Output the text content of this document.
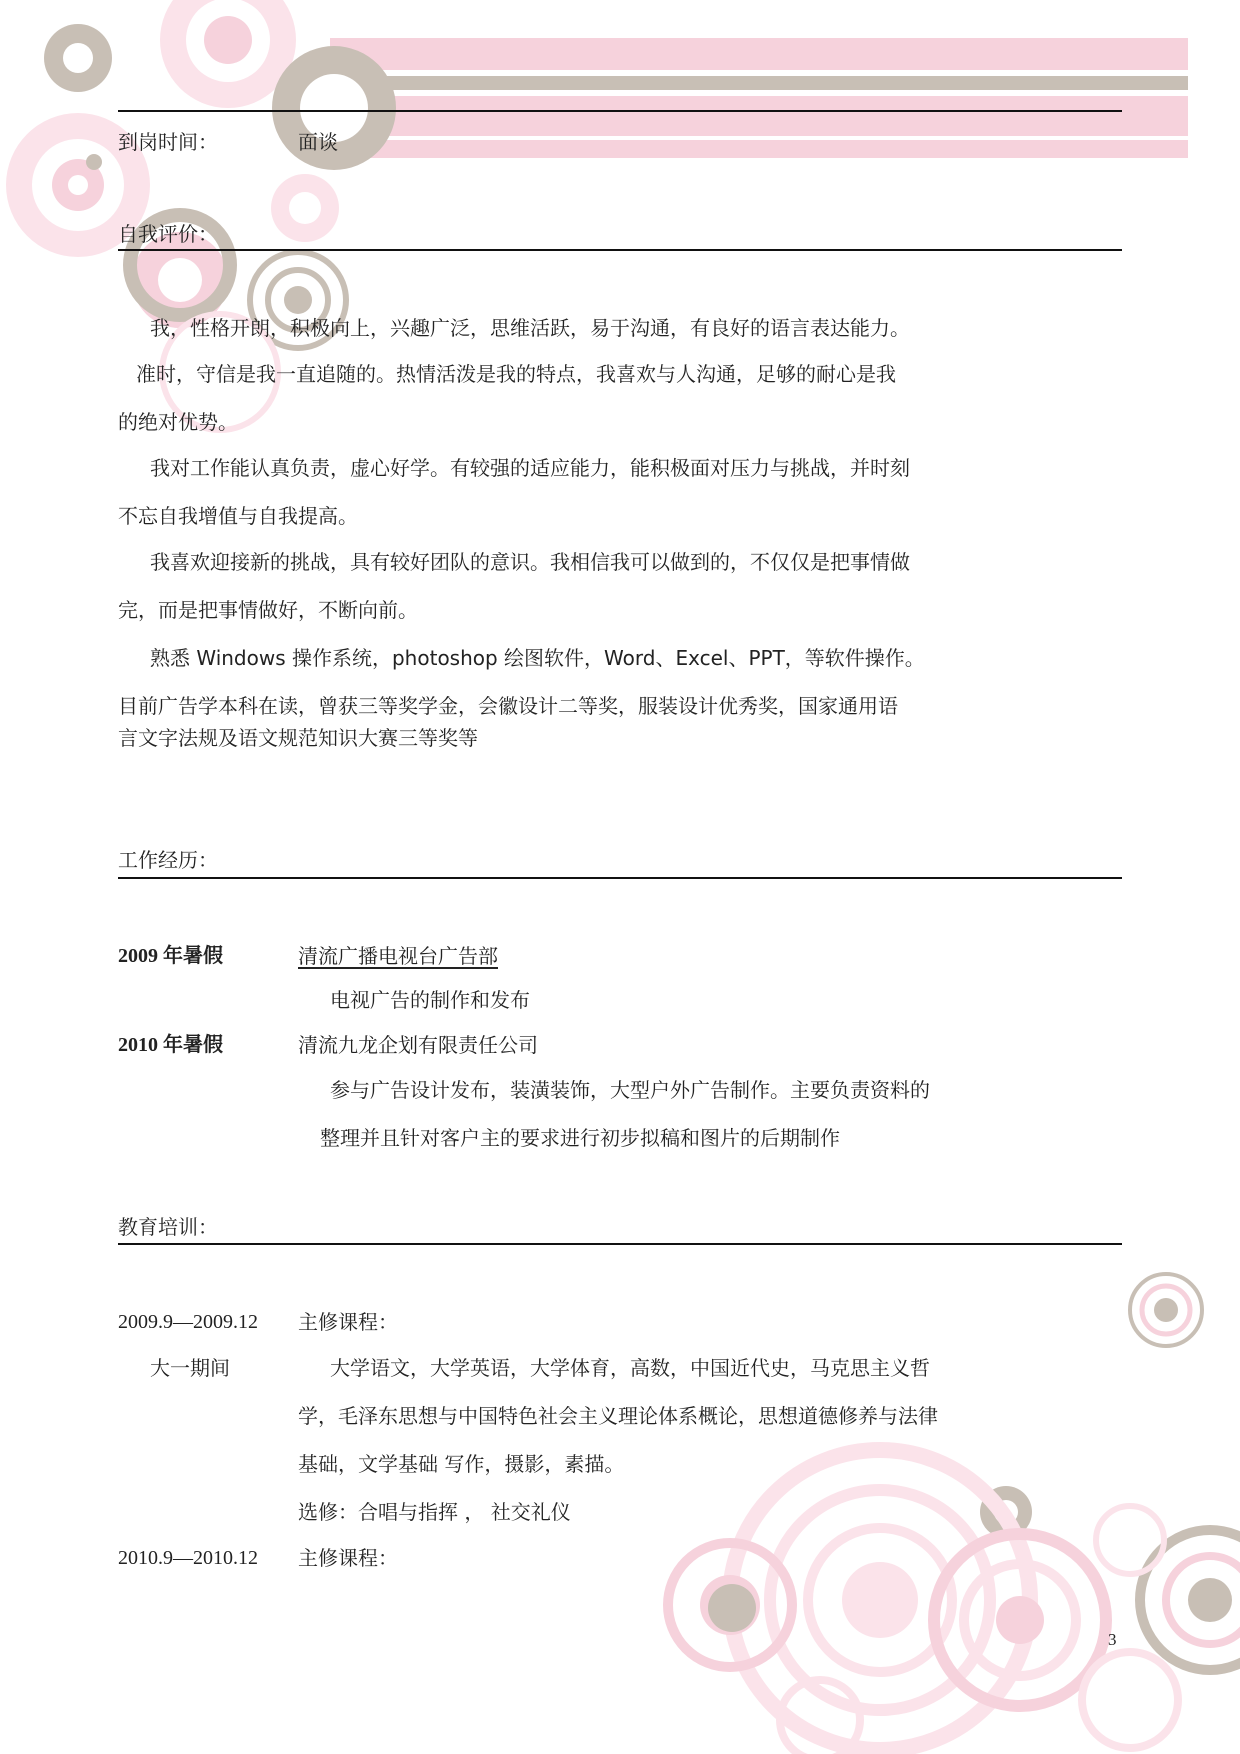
到岗时间：	面谈
自我评价：
我，性格开朗，积极向上，兴趣广泛，思维活跃，易于沟通，有良好的语言表达能力。
准时，守信是我一直追随的。热情活泼是我的特点，我喜欢与人沟通，足够的耐心是我
的绝对优势。
我对工作能认真负责，虚心好学。有较强的适应能力，能积极面对压力与挑战，并时刻
不忘自我增值与自我提高。
我喜欢迎接新的挑战，具有较好团队的意识。我相信我可以做到的，不仅仅是把事情做
完，而是把事情做好，不断向前。
熟悉 Windows 操作系统，photoshop 绘图软件，Word、Excel、PPT，等软件操作。
目前广告学本科在读，曾获三等奖学金，会徽设计二等奖，服装设计优秀奖，国家通用语
言文字法规及语文规范知识大赛三等奖等
工作经历：
2009 年暑假	清流广播电视台广告部
电视广告的制作和发布
2010 年暑假	清流九龙企划有限责任公司
参与广告设计发布，装潢装饰，大型户外广告制作。主要负责资料的
整理并且针对客户主的要求进行初步拟稿和图片的后期制作
教育培训：
2009.9—2009.12 主修课程：
大一期间	大学语文，大学英语，大学体育，高数，中国近代史，马克思主义哲
学，毛泽东思想与中国特色社会主义理论体系概论，思想道德修养与法律
基础，文学基础 写作，摄影，素描。
选修：合唱与指挥 ， 社交礼仪
2010.9—2010.12 主修课程：
3
